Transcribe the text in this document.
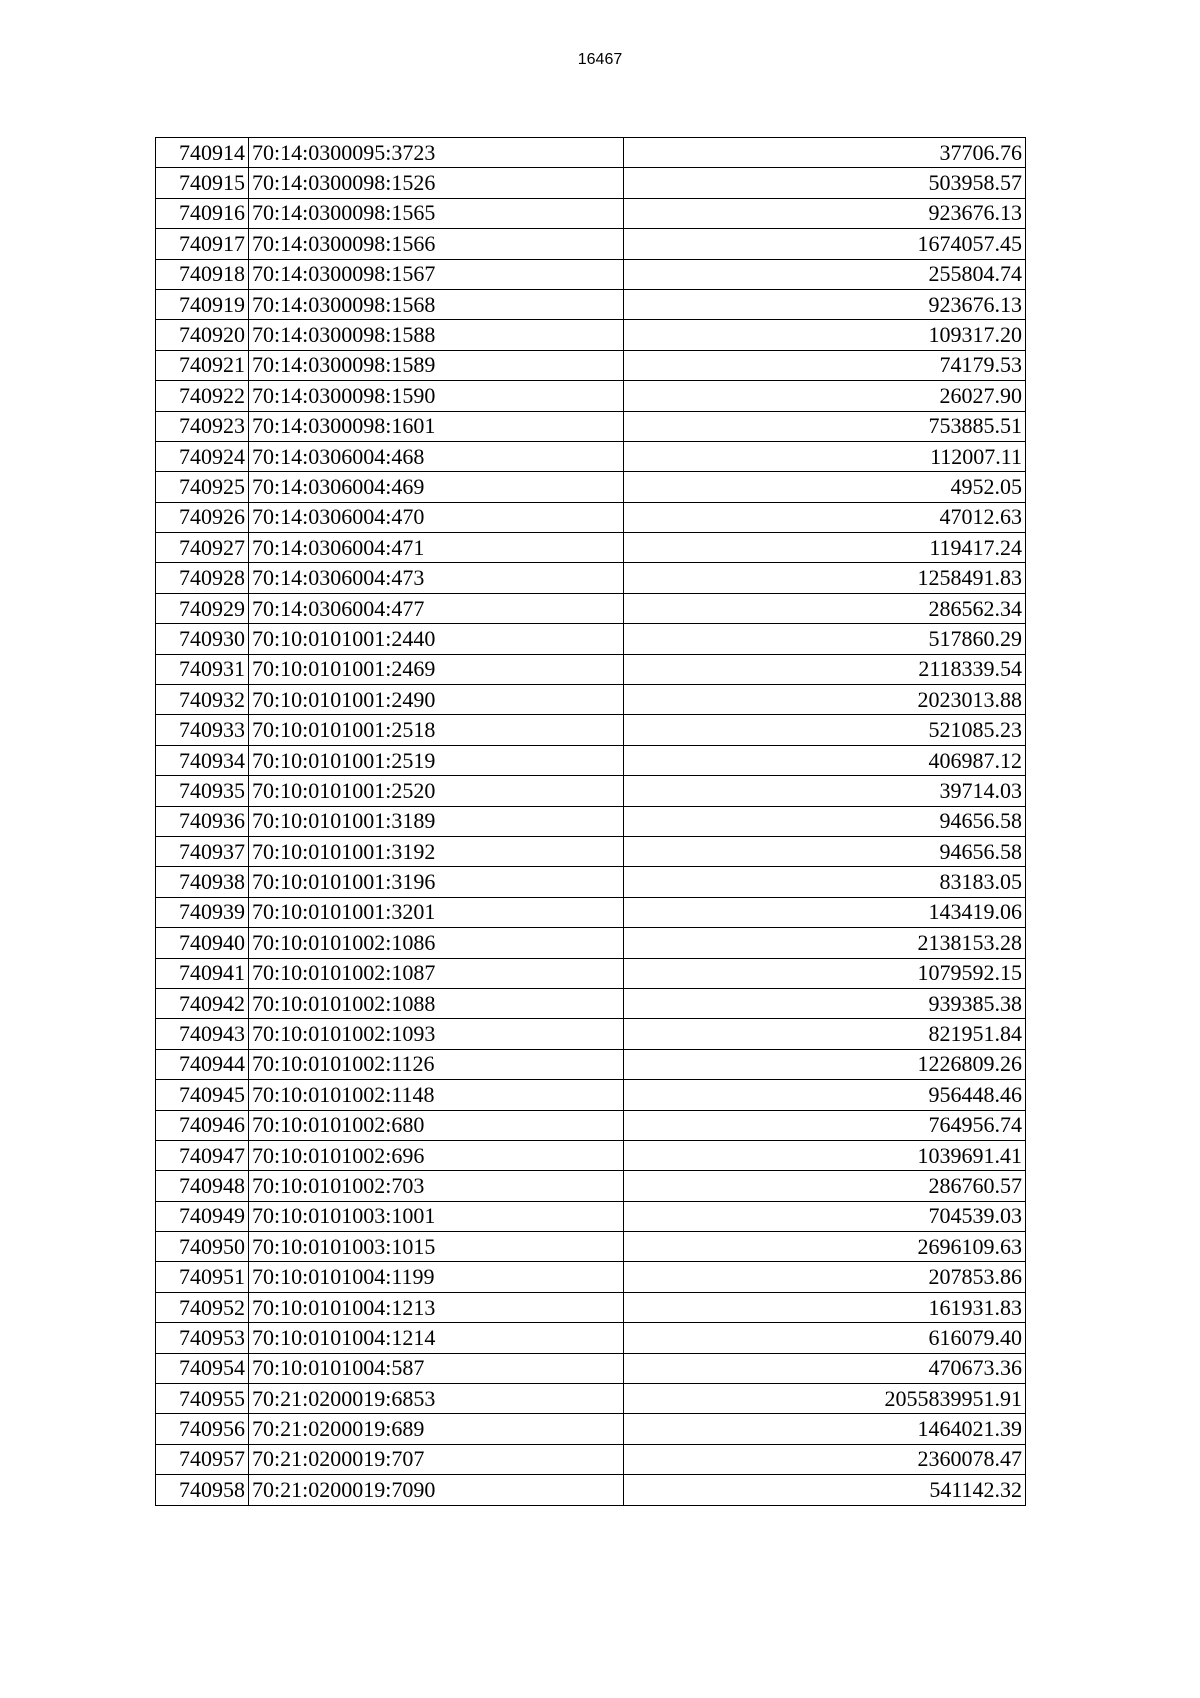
16467
740914	70:14:0300095:3723	37706.76
740915	70:14:0300098:1526	503958.57
740916	70:14:0300098:1565	923676.13
740917	70:14:0300098:1566	1674057.45
740918	70:14:0300098:1567	255804.74
740919	70:14:0300098:1568	923676.13
740920	70:14:0300098:1588	109317.20
740921	70:14:0300098:1589	74179.53
740922	70:14:0300098:1590	26027.90
740923	70:14:0300098:1601	753885.51
740924	70:14:0306004:468	112007.11
740925	70:14:0306004:469	4952.05
740926	70:14:0306004:470	47012.63
740927	70:14:0306004:471	119417.24
740928	70:14:0306004:473	1258491.83
740929	70:14:0306004:477	286562.34
740930	70:10:0101001:2440	517860.29
740931	70:10:0101001:2469	2118339.54
740932	70:10:0101001:2490	2023013.88
740933	70:10:0101001:2518	521085.23
740934	70:10:0101001:2519	406987.12
740935	70:10:0101001:2520	39714.03
740936	70:10:0101001:3189	94656.58
740937	70:10:0101001:3192	94656.58
740938	70:10:0101001:3196	83183.05
740939	70:10:0101001:3201	143419.06
740940	70:10:0101002:1086	2138153.28
740941	70:10:0101002:1087	1079592.15
740942	70:10:0101002:1088	939385.38
740943	70:10:0101002:1093	821951.84
740944	70:10:0101002:1126	1226809.26
740945	70:10:0101002:1148	956448.46
740946	70:10:0101002:680	764956.74
740947	70:10:0101002:696	1039691.41
740948	70:10:0101002:703	286760.57
740949	70:10:0101003:1001	704539.03
740950	70:10:0101003:1015	2696109.63
740951	70:10:0101004:1199	207853.86
740952	70:10:0101004:1213	161931.83
740953	70:10:0101004:1214	616079.40
740954	70:10:0101004:587	470673.36
740955	70:21:0200019:6853	2055839951.91
740956	70:21:0200019:689	1464021.39
740957	70:21:0200019:707	2360078.47
740958	70:21:0200019:7090	541142.32
